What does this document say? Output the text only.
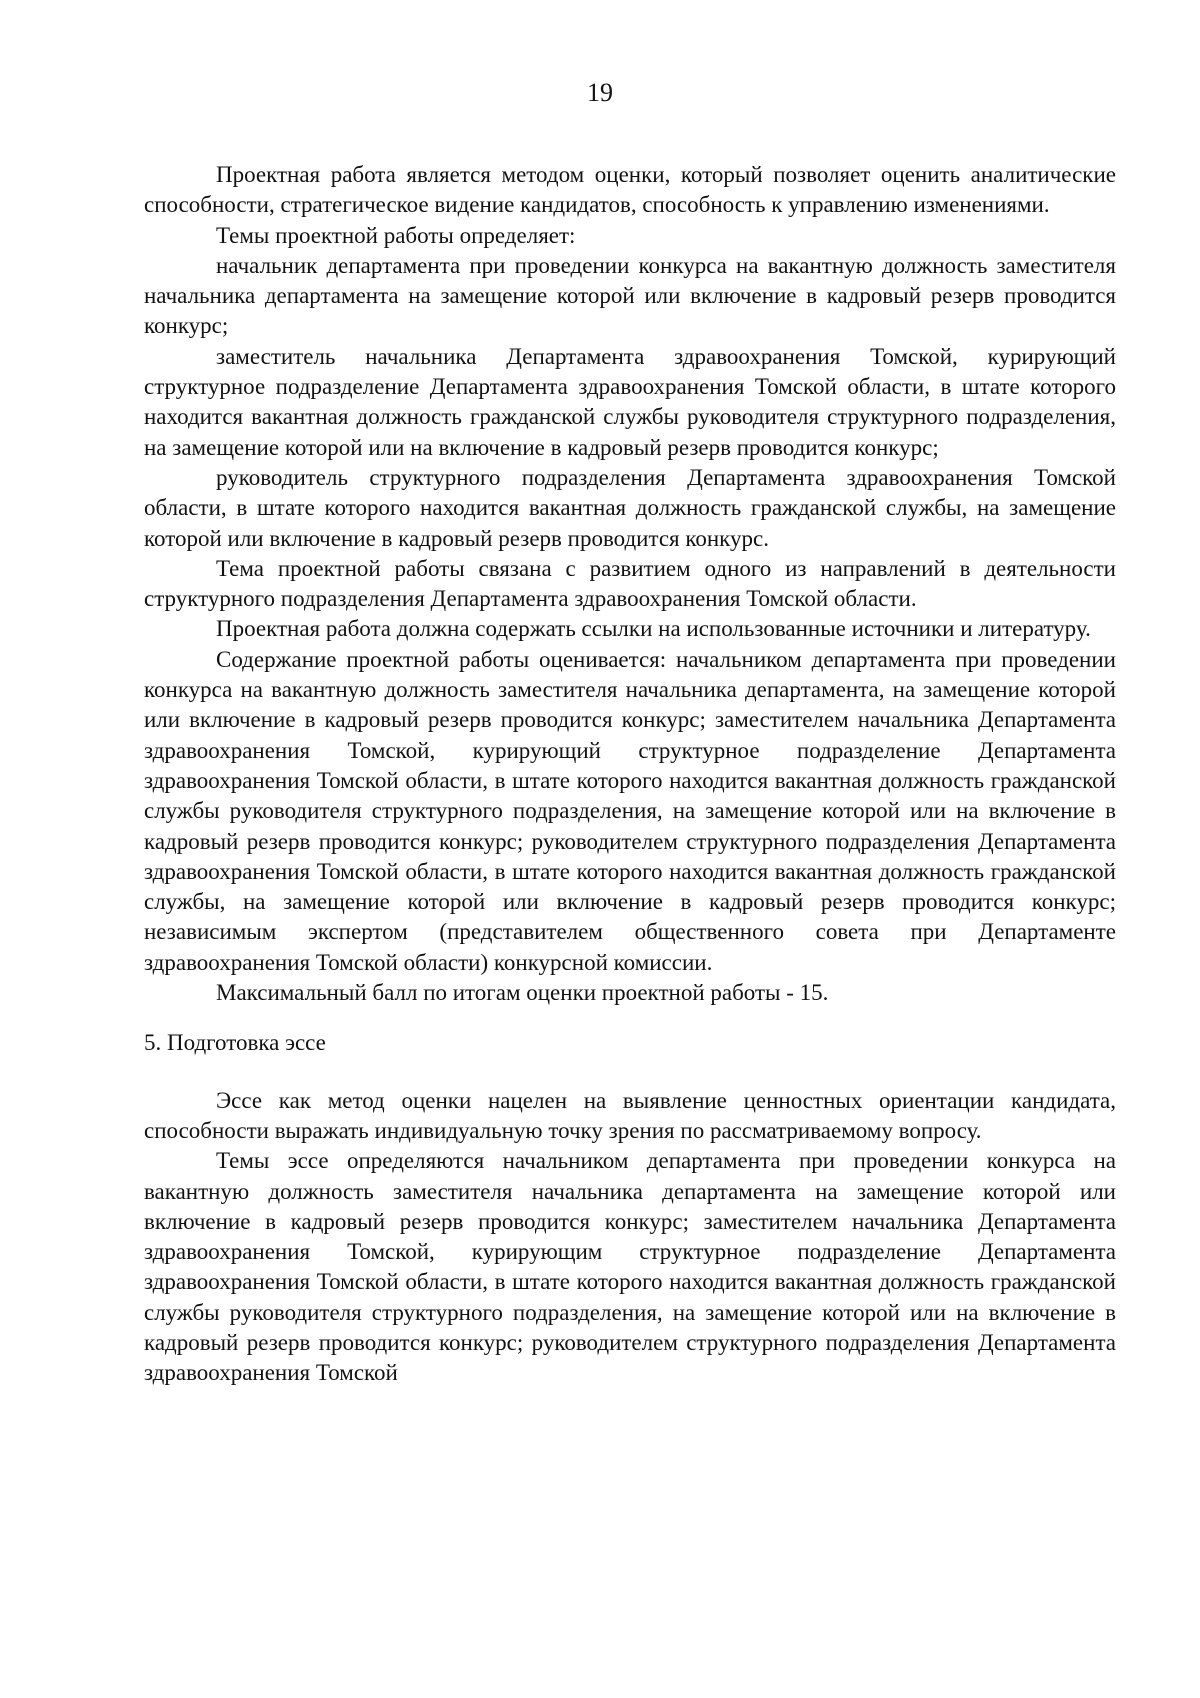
19

Проектная работа является методом оценки, который позволяет оценить аналитические способности, стратегическое видение кандидатов, способность к управлению изменениями.

Темы проектной работы определяет:

начальник департамента при проведении конкурса на вакантную должность заместителя начальника департамента на замещение которой или включение в кадровый резерв проводится конкурс;

заместитель начальника Департамента здравоохранения Томской, курирующий структурное подразделение Департамента здравоохранения Томской области, в штате которого находится вакантная должность гражданской службы руководителя структурного подразделения, на замещение которой или на включение в кадровый резерв проводится конкурс;

руководитель структурного подразделения Департамента здравоохранения Томской области, в штате которого находится вакантная должность гражданской службы, на замещение которой или включение в кадровый резерв проводится конкурс.

Тема проектной работы связана с развитием одного из направлений в деятельности структурного подразделения Департамента здравоохранения Томской области.

Проектная работа должна содержать ссылки на использованные источники и литературу.

Содержание проектной работы оценивается: начальником департамента при проведении конкурса на вакантную должность заместителя начальника департамента, на замещение которой или включение в кадровый резерв проводится конкурс; заместителем начальника Департамента здравоохранения Томской, курирующий структурное подразделение Департамента здравоохранения Томской области, в штате которого находится вакантная должность гражданской службы руководителя структурного подразделения, на замещение которой или на включение в кадровый резерв проводится конкурс; руководителем структурного подразделения Департамента здравоохранения Томской области, в штате которого находится вакантная должность гражданской службы, на замещение которой или включение в кадровый резерв проводится конкурс; независимым экспертом (представителем общественного совета при Департаменте здравоохранения Томской области) конкурсной комиссии.

Максимальный балл по итогам оценки проектной работы - 15.

5. Подготовка эссе

Эссе как метод оценки нацелен на выявление ценностных ориентации кандидата, способности выражать индивидуальную точку зрения по рассматриваемому вопросу.

Темы эссе определяются начальником департамента при проведении конкурса на вакантную должность заместителя начальника департамента на замещение которой или включение в кадровый резерв проводится конкурс; заместителем начальника Департамента здравоохранения Томской, курирующим структурное подразделение Департамента здравоохранения Томской области, в штате которого находится вакантная должность гражданской службы руководителя структурного подразделения, на замещение которой или на включение в кадровый резерв проводится конкурс; руководителем структурного подразделения Департамента здравоохранения Томской
